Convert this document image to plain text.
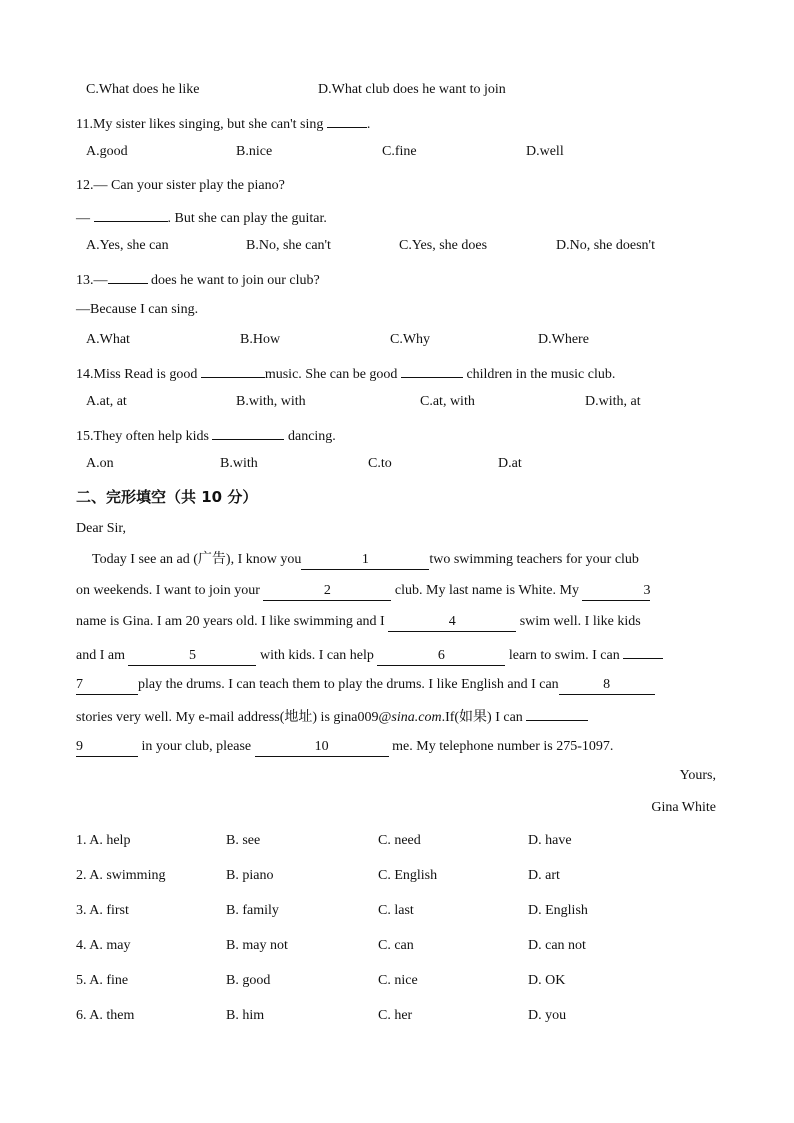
C.What does he like	D.What club does he want to join
11.My sister likes singing, but she can't sing	.
A.good	B.nice	C.fine	D.well
12.— Can your sister play the piano?
—	. But she can play the guitar.
A.Yes, she can	B.No, she can't	C.Yes, she does	D.No, she doesn't
13.—	does he want to join our club?
—Because I can sing.
A.What	B.How	C.Why	D.Where
14.Miss Read is good	music. She can be good	children in the music club.
A.at, at	B.with, with	C.at, with	D.with, at
15.They often help kids	dancing.
A.on	B.with	C.to	D.at
二、完形填空（共 10 分）
Dear Sir,
Today I see an ad (广告), I know you	1	two swimming teachers for your club
on weekends. I want to join your	2	club. My last name is White. My	3
name is Gina. I am 20 years old. I like swimming and I	4	swim well. I like kids
and I am	5	with kids. I can help	6	learn to swim. I can
7	play the drums. I can teach them to play the drums. I like English and I can	8
stories very well. My e-mail address(地址) is gina009@sina.com.If(如果) I can
9	in your club, please	10	me. My telephone number is 275-1097.
Yours,
Gina White
1. A. help	B. see	C. need	D. have
2. A. swimming	B. piano	C. English	D. art
3. A. first	B. family	C. last	D. English
4. A. may	B. may not	C. can	D. can not
5. A. fine	B. good	C. nice	D. OK
6. A. them	B. him	C. her	D. you
